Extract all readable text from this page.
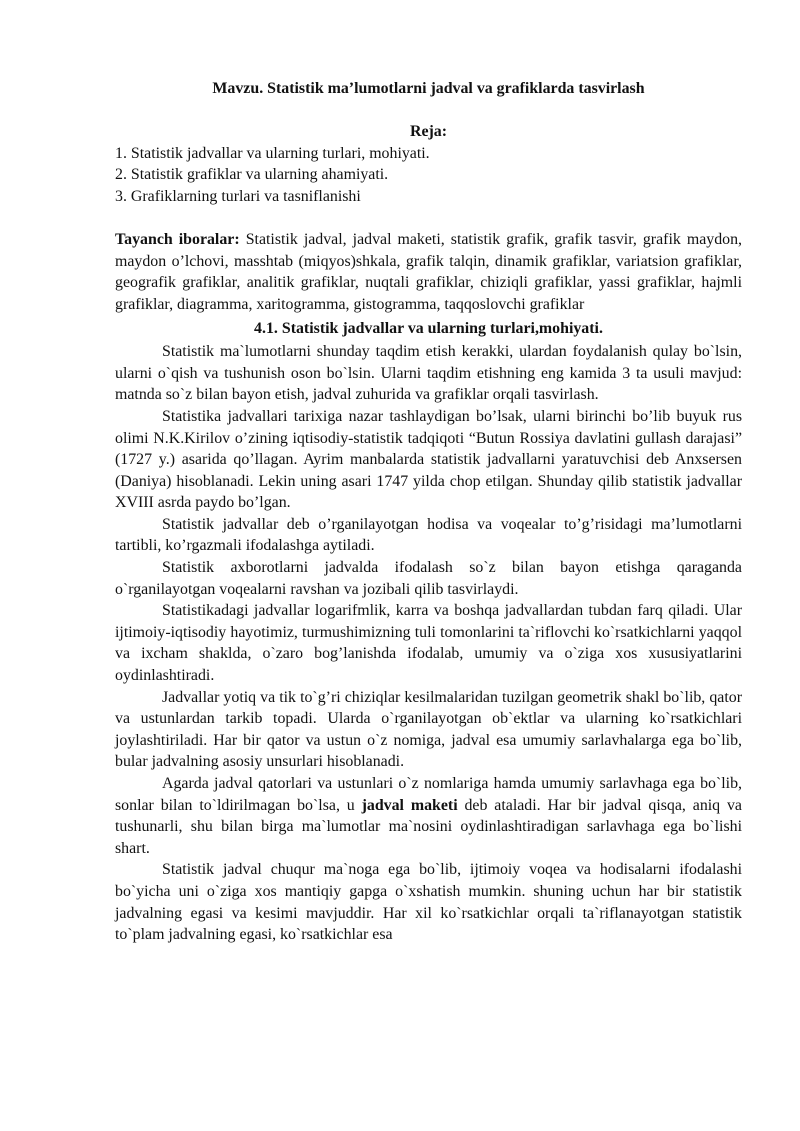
Mavzu. Statistik ma’lumotlarni jadval va grafiklarda tasvirlash

Reja:

1. Statistik jadvallar va ularning turlari, mohiyati.

2. Statistik grafiklar va ularning ahamiyati.

3. Grafiklarning turlari va tasniflanishi

Tayanch iboralar: Statistik jadval, jadval maketi, statistik grafik, grafik tasvir, grafik maydon, maydon o’lchovi, masshtab (miqyos)shkala, grafik talqin, dinamik grafiklar, variatsion grafiklar, geografik grafiklar, analitik grafiklar, nuqtali grafiklar, chiziqli grafiklar, yassi grafiklar, hajmli grafiklar, diagramma, xaritogramma, gistogramma, taqqoslovchi grafiklar

4.1. Statistik jadvallar va ularning turlari,mohiyati.

Statistik ma`lumotlarni shunday taqdim etish kerakki, ulardan foydalanish qulay bo`lsin, ularni o`qish va tushunish oson bo`lsin. Ularni taqdim etishning eng kamida 3 ta usuli mavjud: matnda so`z bilan bayon etish, jadval zuhurida va grafiklar orqali tasvirlash.

Statistika jadvallari tarixiga nazar tashlaydigan bo’lsak, ularni birinchi bo’lib buyuk rus olimi N.K.Kirilov o’zining iqtisodiy-statistik tadqiqoti “Butun Rossiya davlatini gullash darajasi” (1727 y.) asarida qo’llagan. Ayrim manbalarda statistik jadvallarni yaratuvchisi deb Anxsersen (Daniya) hisoblanadi. Lekin uning asari 1747 yilda chop etilgan. Shunday qilib statistik jadvallar XVIII asrda paydo bo’lgan.

Statistik jadvallar deb o’rganilayotgan hodisa va voqealar to’g’risidagi ma’lumotlarni tartibli, ko’rgazmali ifodalashga aytiladi.

Statistik axborotlarni jadvalda ifodalash so`z bilan bayon etishga qaraganda o`rganilayotgan voqealarni ravshan va jozibali qilib tasvirlaydi.

Statistikadagi jadvallar logarifmlik, karra va boshqa jadvallardan tubdan farq qiladi. Ular ijtimoiy-iqtisodiy hayotimiz, turmushimizning tuli tomonlarini ta`riflovchi ko`rsatkichlarni yaqqol va ixcham shaklda, o`zaro bog’lanishda ifodalab, umumiy va o`ziga xos xususiyatlarini oydinlashtiradi.

Jadvallar yotiq va tik to`g’ri chiziqlar kesilmalaridan tuzilgan geometrik shakl bo`lib, qator va ustunlardan tarkib topadi. Ularda o`rganilayotgan ob`ektlar va ularning ko`rsatkichlari joylashtiriladi. Har bir qator va ustun o`z nomiga, jadval esa umumiy sarlavhalarga ega bo`lib, bular jadvalning asosiy unsurlari hisoblanadi.

Agarda jadval qatorlari va ustunlari o`z nomlariga hamda umumiy sarlavhaga ega bo`lib, sonlar bilan to`ldirilmagan bo`lsa, u jadval maketi deb ataladi. Har bir jadval qisqa, aniq va tushunarli, shu bilan birga ma`lumotlar ma`nosini oydinlashtiradigan sarlavhaga ega bo`lishi shart.

Statistik jadval chuqur ma`noga ega bo`lib, ijtimoiy voqea va hodisalarni ifodalashi bo`yicha uni o`ziga xos mantiqiy gapga o`xshatish mumkin. shuning uchun har bir statistik jadvalning egasi va kesimi mavjuddir. Har xil ko`rsatkichlar orqali ta`riflanayotgan statistik to`plam jadvalning egasi, ko`rsatkichlar esa
